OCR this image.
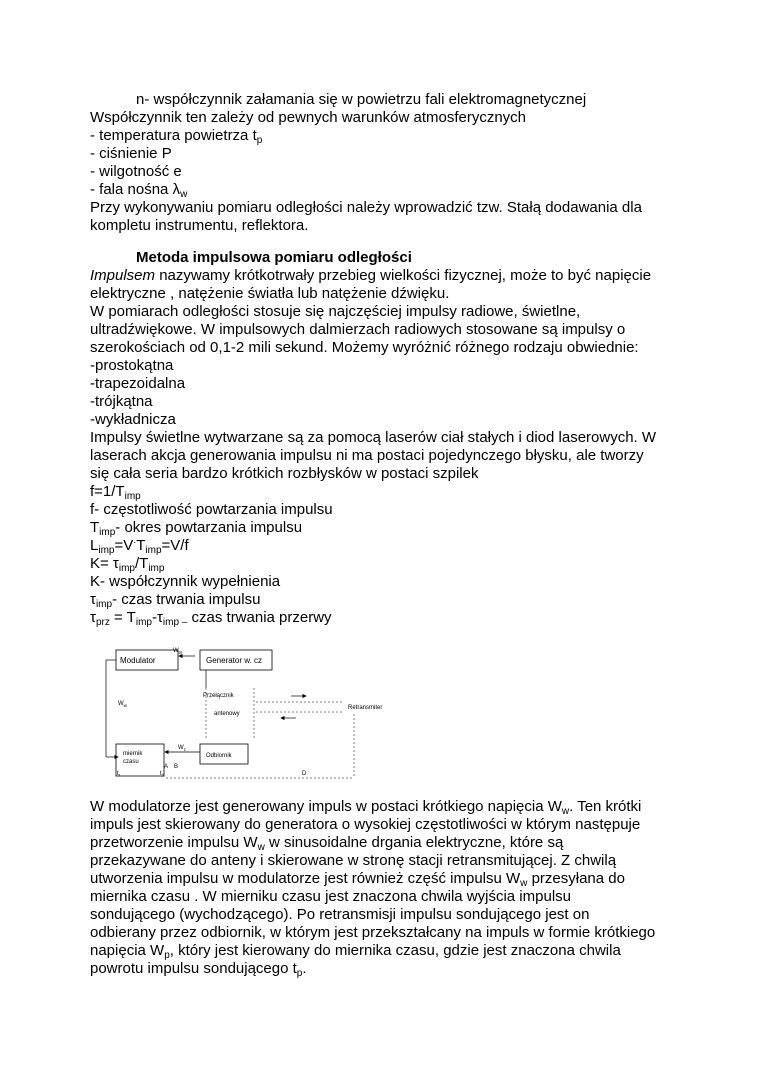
n- współczynnik załamania się w powietrzu fali elektromagnetycznej
Współczynnik ten zależy od pewnych warunków atmosferycznych
- temperatura powietrza $t_p$
- ciśnienie P
- wilgotność e
- fala nośna $\lambda_w$
Przy wykonywaniu pomiaru odległości należy wprowadzić tzw. Stałą dodawania dla
kompletu instrumentu, reflektora.
Metoda impulsowa pomiaru odległości
Impulsem nazywamy krótkotrwały przebieg wielkości fizycznej, może to być napięcie
elektryczne , natężenie światła lub natężenie dźwięku.
W pomiarach odległości stosuje się najczęściej impulsy radiowe, świetlne,
ultradźwiękowe. W impulsowych dalmierzach radiowych stosowane są impulsy o
szerokościach od 0,1-2 mili sekund. Możemy wyróżnić różnego rodzaju obwiednie:
-prostokątna
-trapezoidalna
-trójkątna
-wykładnicza
Impulsy świetlne wytwarzane są za pomocą laserów ciał stałych i diod laserowych. W
laserach akcja generowania impulsu ni ma postaci pojedynczego błysku, ale tworzy
się cała seria bardzo krótkich rozbłysków w postaci szpilek
$f=1/T_{imp}$
f- częstotliwość powtarzania impulsu
$T_{imp}-$ okres powtarzania impulsu
$L_{imp}=V^\cdot T_{imp}=V/f$
$K= \tau_{imp}/T_{imp}$
K- współczynnik wypełnienia
$\tau_{imp}-$ czas trwania impulsu
$\tau_{prz} = T_{imp}-\tau_{imp -}$ czas trwania przerwy
Modulator	Generator w. cz
$W_m$
$W_w$
Przełącznik
antenowy
Retransmiter
miernik
czasu
A B
$t_r$	$t_1$
Odbiornik
$W_z$
D
W modulatorze jest generowany impuls w postaci krótkiego napięcia $W_w$. Ten krótki
impuls jest skierowany do generatora o wysokiej częstotliwości w którym następuje
przetworzenie impulsu $W_w$ w sinusoidalne drgania elektryczne, które są
przekazywane do anteny i skierowane w stronę stacji retransmitującej. Z chwilą
utworzenia impulsu w modulatorze jest również część impulsu $W_w$ przesyłana do
miernika czasu . W mierniku czasu jest znaczona chwila wyjścia impulsu
sondującego (wychodzącego). Po retransmisji impulsu sondującego jest on
odbierany przez odbiornik, w którym jest przekształcany na impuls w formie krótkiego
napięcia $W_p$, który jest kierowany do miernika czasu, gdzie jest znaczona chwila
powrotu impulsu sondującego $t_p$.
